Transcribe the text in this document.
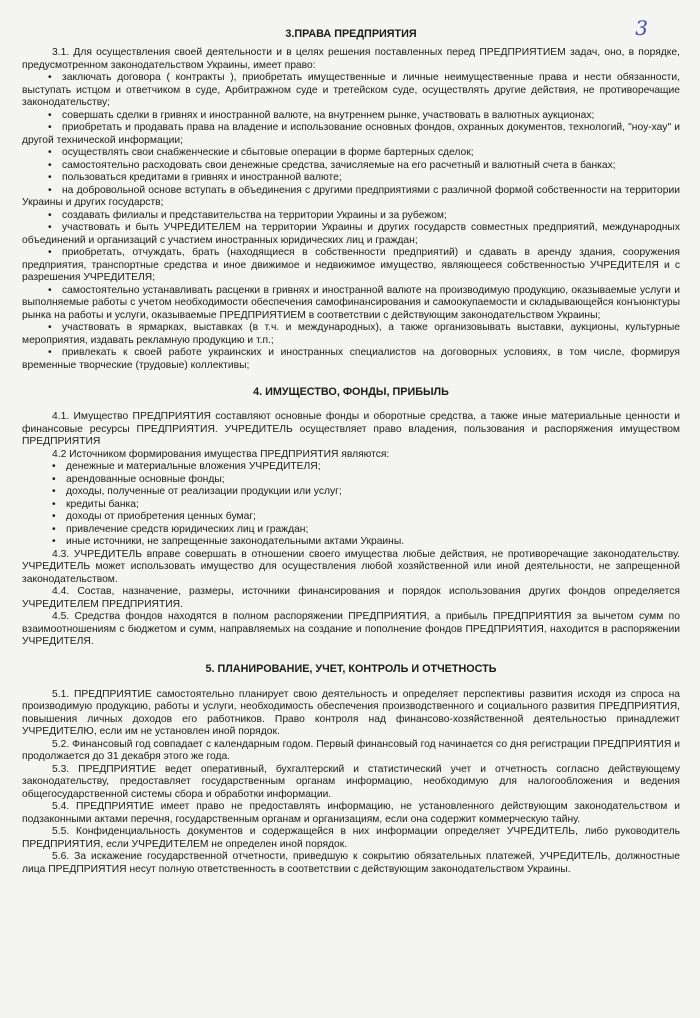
3
3.ПРАВА ПРЕДПРИЯТИЯ

3.1. Для осуществления своей деятельности и в целях решения поставленных перед ПРЕДПРИЯТИЕМ задач, оно, в порядке, предусмотренном законодательством Украины, имеет право:

• заключать договора ( контракты ), приобретать имущественные и личные неимущественные права и нести обязанности, выступать истцом и ответчиком в суде, Арбитражном суде и третейском суде, осуществлять другие действия, не противоречащие законодательству;
• совершать сделки в гривнях и иностранной валюте, на внутреннем рынке, участвовать в валютных аукционах;
• приобретать и продавать права на владение и использование основных фондов, охранных документов, технологий, "ноу-хау" и другой технической информации;
• осуществлять свои снабженческие и сбытовые операции в форме бартерных сделок;
• самостоятельно расходовать свои денежные средства, зачисляемые на его расчетный и валютный счета в банках;
• пользоваться кредитами в гривнях и иностранной валюте;
• на добровольной основе вступать в объединения с другими предприятиями с различной формой собственности на территории Украины и других государств;
• создавать филиалы и представительства на территории Украины и за рубежом;
• участвовать и быть УЧРЕДИТЕЛЕМ на территории Украины и других государств совместных предприятий, международных объединений и организаций с участием иностранных юридических лиц и граждан;
• приобретать, отчуждать, брать (находящиеся в собственности предприятий) и сдавать в аренду здания, сооружения предприятия, транспортные средства и иное движимое и недвижимое имущество, являющееся собственностью УЧРЕДИТЕЛЯ и с разрешения УЧРЕДИТЕЛЯ;
• самостоятельно устанавливать расценки в гривнях и иностранной валюте на производимую продукцию, оказываемые услуги и выполняемые работы с учетом необходимости обеспечения самофинансирования и самоокупаемости и складывающейся конъюнктуры рынка на работы и услуги, оказываемые ПРЕДПРИЯТИЕМ в соответствии с действующим законодательством Украины;
• участвовать в ярмарках, выставках (в т.ч. и международных), а также организовывать выставки, аукционы, культурные мероприятия, издавать рекламную продукцию и т.п.;
• привлекать к своей работе украинских и иностранных специалистов на договорных условиях, в том числе, формируя временные творческие (трудовые) коллективы;
4. ИМУЩЕСТВО, ФОНДЫ, ПРИБЫЛЬ

4.1. Имущество ПРЕДПРИЯТИЯ составляют основные фонды и оборотные средства, а также иные материальные ценности и финансовые ресурсы ПРЕДПРИЯТИЯ. УЧРЕДИТЕЛЬ осуществляет право владения, пользования и распоряжения имуществом ПРЕДПРИЯТИЯ

4.2 Источником формирования имущества ПРЕДПРИЯТИЯ являются:

•	денежные и материальные вложения УЧРЕДИТЕЛЯ;
•	арендованные основные фонды;
•	доходы, полученные от реализации продукции или услуг;
•	кредиты банка;
•	доходы от приобретения ценных бумаг;
•	привлечение средств юридических лиц и граждан;
•	иные источники, не запрещенные законодательными актами Украины.

4.3. УЧРЕДИТЕЛЬ вправе совершать в отношении своего имущества любые действия, не противоречащие законодательству. УЧРЕДИТЕЛЬ может использовать имущество для осуществления любой хозяйственной или иной деятельности, не запрещенной законодательством.

4.4. Состав, назначение, размеры, источники финансирования и порядок использования других фондов определяется УЧРЕДИТЕЛЕМ ПРЕДПРИЯТИЯ.

4.5. Средства фондов находятся в полном распоряжении ПРЕДПРИЯТИЯ, а прибыль ПРЕДПРИЯТИЯ за вычетом сумм по взаимоотношениям с бюджетом и сумм, направляемых на создание и пополнение фондов ПРЕДПРИЯТИЯ, находится в распоряжении УЧРЕДИТЕЛЯ.

5. ПЛАНИРОВАНИЕ, УЧЕТ, КОНТРОЛЬ И ОТЧЕТНОСТЬ

5.1. ПРЕДПРИЯТИЕ самостоятельно планирует свою деятельность и определяет перспективы развития исходя из спроса на производимую продукцию, работы и услуги, необходимость обеспечения производственного и социального развития ПРЕДПРИЯТИЯ, повышения личных доходов его работников. Право контроля над финансово-хозяйственной деятельностью принадлежит УЧРЕДИТЕЛЮ, если им не установлен иной порядок.

5.2. Финансовый год совпадает с календарным годом. Первый финансовый год начинается со дня регистрации ПРЕДПРИЯТИЯ и продолжается до 31 декабря этого же года.

5.3. ПРЕДПРИЯТИЕ ведет оперативный, бухгалтерский и статистический учет и отчетность согласно действующему законодательству, предоставляет государственным органам информацию, необходимую для налогообложения и ведения общегосударственной системы сбора и обработки информации.

5.4. ПРЕДПРИЯТИЕ имеет право не предоставлять информацию, не установленного действующим законодательством и подзаконными актами перечня, государственным органам и организациям, если она содержит коммерческую тайну.

5.5. Конфиденциальность документов и содержащейся в них информации определяет УЧРЕДИТЕЛЬ, либо руководитель ПРЕДПРИЯТИЯ, если УЧРЕДИТЕЛЕМ не определен иной порядок.

5.6. За искажение государственной отчетности, приведшую к сокрытию обязательных платежей, УЧРЕДИТЕЛЬ, должностные лица ПРЕДПРИЯТИЯ несут полную ответственность в соответствии с действующим законодательством Украины.
